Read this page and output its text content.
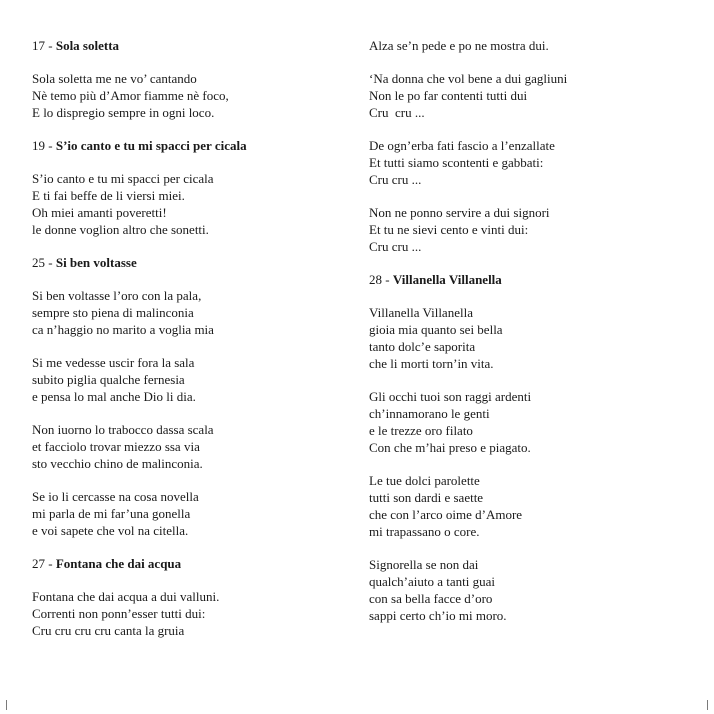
17 - Sola soletta
Sola soletta me ne vo’ cantando
Nè temo più d’Amor fiamme nè foco,
E lo dispregio sempre in ogni loco.
19 - S’io canto e tu mi spacci per cicala
S’io canto e tu mi spacci per cicala
E ti fai beffe de li viersi miei.
Oh miei amanti poveretti!
le donne voglion altro che sonetti.
25 - Si ben voltasse
Si ben voltasse l’oro con la pala,
sempre sto piena di malinconia
ca n’haggio no marito a voglia mia
Si me vedesse uscir fora la sala
subito piglia qualche fernesia
e pensa lo mal anche Dio li dia.
Non iuorno lo trabocco dassa scala
et facciolo trovar miezzo ssa via
sto vecchio chino de malinconia.
Se io li cercasse na cosa novella
mi parla de mi far’una gonella
e voi sapete che vol na citella.
27 - Fontana che dai acqua
Fontana che dai acqua a dui valluni.
Correnti non ponn’esser tutti dui:
Cru cru cru cru canta la gruia
Alza se’n pede e po ne mostra dui.
‘Na donna che vol bene a dui gagliuni
Non le po far contenti tutti dui
Cru  cru ...
De ogn’erba fati fascio a l’enzallate
Et tutti siamo scontenti e gabbati:
Cru cru ...
Non ne ponno servire a dui signori
Et tu ne sievi cento e vinti dui:
Cru cru ...
28 - Villanella Villanella
Villanella Villanella
gioia mia quanto sei bella
tanto dolc’e saporita
che li morti torn’in vita.
Gli occhi tuoi son raggi ardenti
ch’innamorano le genti
e le trezze oro filato
Con che m’hai preso e piagato.
Le tue dolci parolette
tutti son dardi e saette
che con l’arco oime d’Amore
mi trapassano o core.
Signorella se non dai
qualch’aiuto a tanti guai
con sa bella facce d’oro
sappi certo ch’io mi moro.
